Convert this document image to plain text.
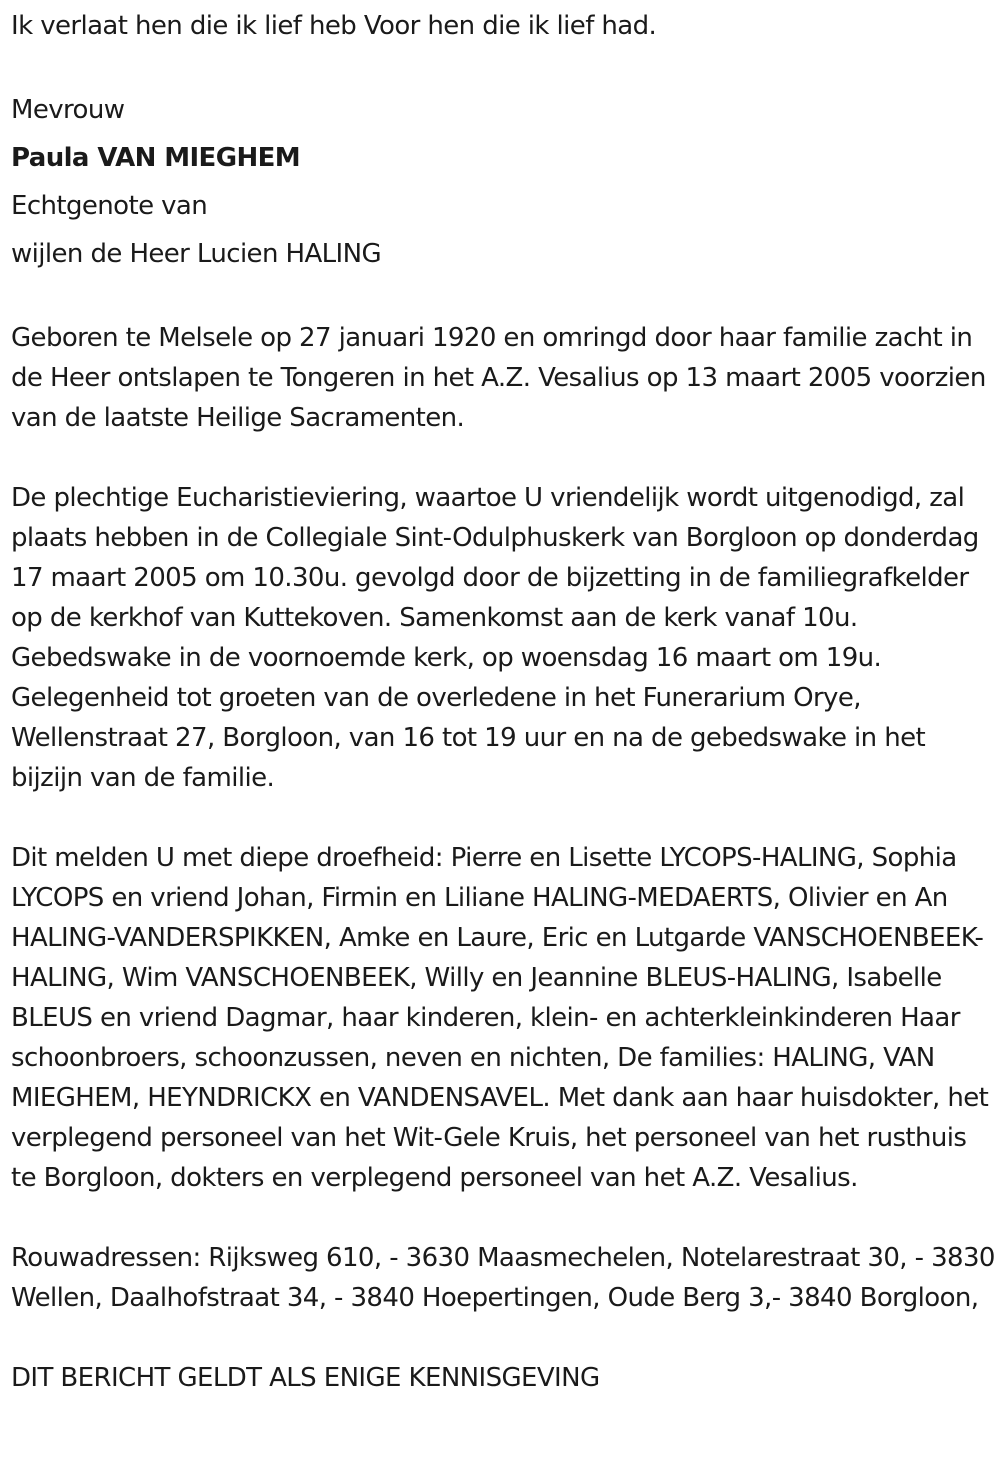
Ik verlaat hen die ik lief heb Voor hen die ik lief had.

Mevrouw

Paula VAN MIEGHEM

Echtgenote van

wijlen de Heer Lucien HALING

Geboren te Melsele op 27 januari 1920 en omringd door haar familie zacht in de Heer ontslapen te Tongeren in het A.Z. Vesalius op 13 maart 2005 voorzien van de laatste Heilige Sacramenten.

De plechtige Eucharistieviering, waartoe U vriendelijk wordt uitgenodigd, zal plaats hebben in de Collegiale Sint-Odulphuskerk van Borgloon op donderdag 17 maart 2005 om 10.30u. gevolgd door de bijzetting in de familiegrafkelder op de kerkhof van Kuttekoven. Samenkomst aan de kerk vanaf 10u. Gebedswake in de voornoemde kerk, op woensdag 16 maart om 19u. Gelegenheid tot groeten van de overledene in het Funerarium Orye, Wellenstraat 27, Borgloon, van 16 tot 19 uur en na de gebedswake in het bijzijn van de familie.

Dit melden U met diepe droefheid: Pierre en Lisette LYCOPS-HALING, Sophia LYCOPS en vriend Johan, Firmin en Liliane HALING-MEDAERTS, Olivier en An HALING-VANDERSPIKKEN, Amke en Laure, Eric en Lutgarde VANSCHOENBEEK-HALING, Wim VANSCHOENBEEK, Willy en Jeannine BLEUS-HALING, Isabelle BLEUS en vriend Dagmar, haar kinderen, klein- en achterkleinkinderen Haar schoonbroers, schoonzussen, neven en nichten, De families: HALING, VAN MIEGHEM, HEYNDRICKX en VANDENSAVEL. Met dank aan haar huisdokter, het verplegend personeel van het Wit-Gele Kruis, het personeel van het rusthuis te Borgloon, dokters en verplegend personeel van het A.Z. Vesalius.

Rouwadressen: Rijksweg 610, - 3630 Maasmechelen, Notelarestraat 30, - 3830 Wellen, Daalhofstraat 34, - 3840 Hoepertingen, Oude Berg 3,- 3840 Borgloon,

DIT BERICHT GELDT ALS ENIGE KENNISGEVING
